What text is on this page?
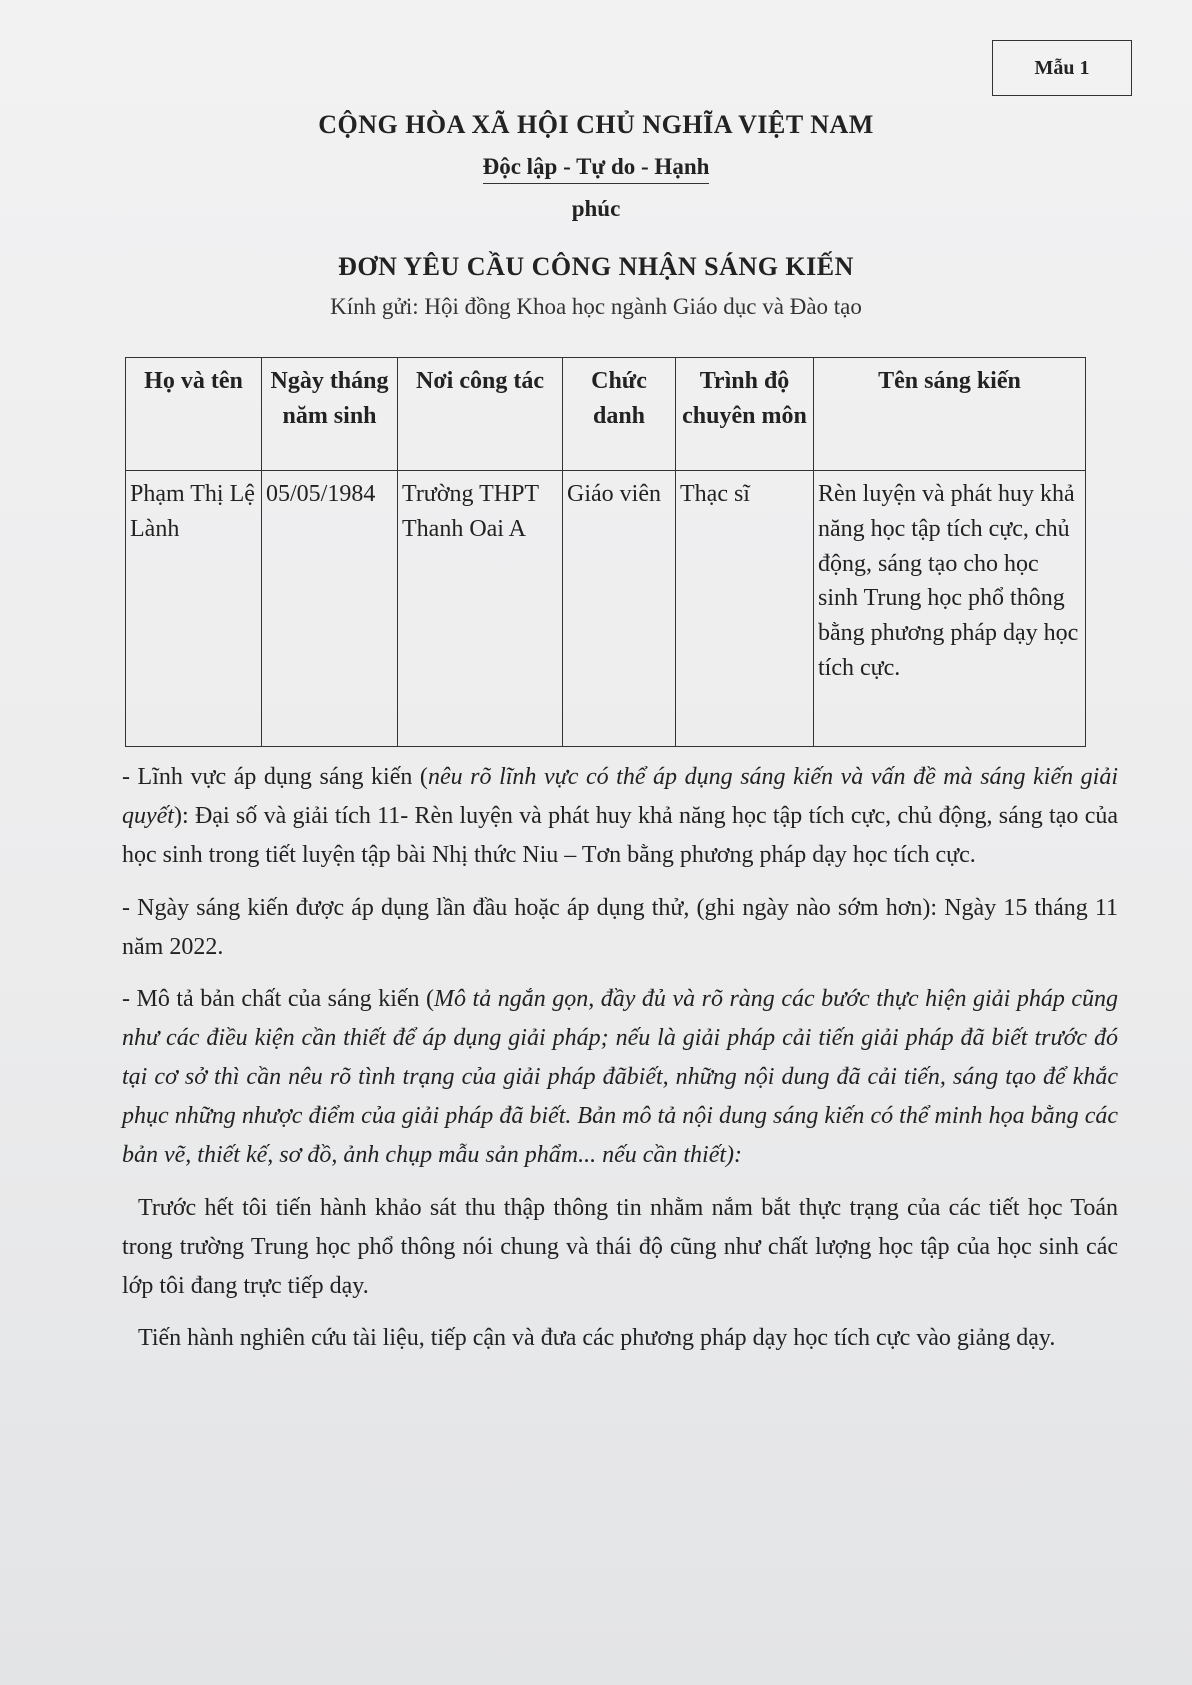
Mẫu 1
CỘNG HÒA XÃ HỘI CHỦ NGHĨA VIỆT NAM
Độc lập - Tự do - Hạnh
phúc
ĐƠN YÊU CẦU CÔNG NHẬN SÁNG KIẾN
Kính gửi: Hội đồng Khoa học ngành Giáo dục và Đào tạo
Họ và tên	Ngày tháng năm sinh	Nơi công tác	Chức danh	Trình độ chuyên môn	Tên sáng kiến
Phạm Thị Lệ Lành	05/05/1984	Trường THPT Thanh Oai A	Giáo viên	Thạc sĩ	Rèn luyện và phát huy khả năng học tập tích cực, chủ động, sáng tạo cho học sinh Trung học phổ thông bằng phương pháp dạy học tích cực.

- Lĩnh vực áp dụng sáng kiến (nêu rõ lĩnh vực có thể áp dụng sáng kiến và vấn đề mà sáng kiến giải quyết): Đại số và giải tích 11- Rèn luyện và phát huy khả năng học tập tích cực, chủ động, sáng tạo của học sinh trong tiết luyện tập bài Nhị thức Niu – Tơn bằng phương pháp dạy học tích cực.

- Ngày sáng kiến được áp dụng lần đầu hoặc áp dụng thử, (ghi ngày nào sớm hơn): Ngày 15 tháng 11 năm 2022.

- Mô tả bản chất của sáng kiến (Mô tả ngắn gọn, đầy đủ và rõ ràng các bước thực hiện giải pháp cũng như các điều kiện cần thiết để áp dụng giải pháp; nếu là giải pháp cải tiến giải pháp đã biết trước đó tại cơ sở thì cần nêu rõ tình trạng của giải pháp đãbiết, những nội dung đã cải tiến, sáng tạo để khắc phục những nhược điểm của giải pháp đã biết. Bản mô tả nội dung sáng kiến có thể minh họa bằng các bản vẽ, thiết kế, sơ đồ, ảnh chụp mẫu sản phẩm... nếu cần thiết):

Trước hết tôi tiến hành khảo sát thu thập thông tin nhằm nắm bắt thực trạng của các tiết học Toán trong trường Trung học phổ thông nói chung và thái độ cũng như chất lượng học tập của học sinh các lớp tôi đang trực tiếp dạy.

Tiến hành nghiên cứu tài liệu, tiếp cận và đưa các phương pháp dạy học tích cực vào giảng dạy.
